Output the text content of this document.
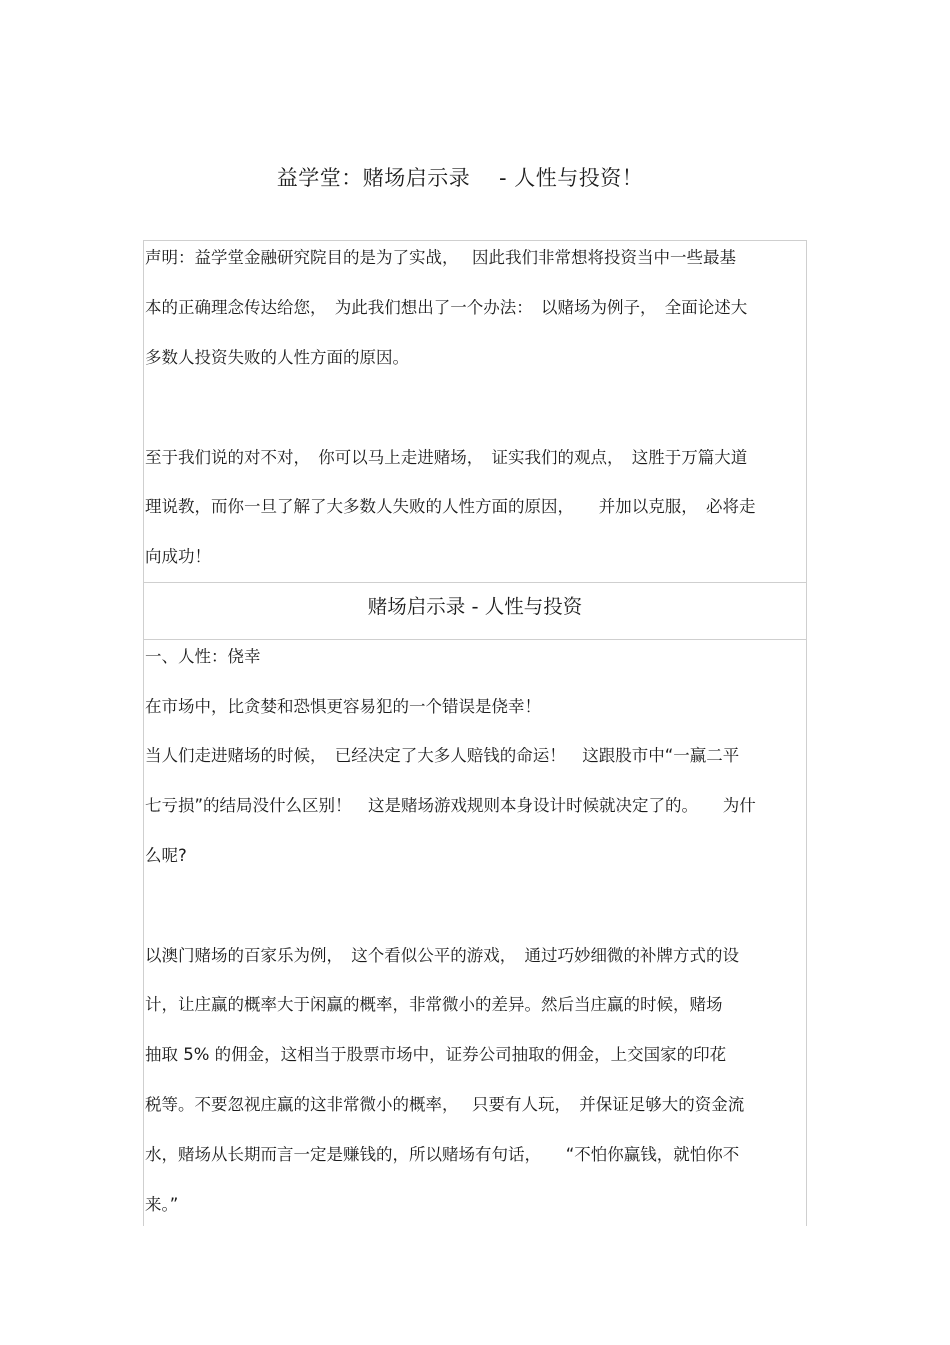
益学堂：赌场启示录　 - 人性与投资！
声明：益学堂金融研究院目的是为了实战，　 因此我们非常想将投资当中一些最基
本的正确理念传达给您，　为此我们想出了一个办法：　以赌场为例子，　全面论述大
多数人投资失败的人性方面的原因。
至于我们说的对不对，　你可以马上走进赌场，　证实我们的观点，　这胜于万篇大道
理说教，而你一旦了解了大多数人失败的人性方面的原因，　　并加以克服，　必将走
向成功！
赌场启示录 - 人性与投资
一、人性：侥幸
在市场中，比贪婪和恐惧更容易犯的一个错误是侥幸！
当人们走进赌场的时候，　已经决定了大多人赔钱的命运！　这跟股市中“一赢二平
七亏损”的结局没什么区别！　这是赌场游戏规则本身设计时候就决定了的。　　为什
么呢?
以澳门赌场的百家乐为例，　这个看似公平的游戏，　通过巧妙细微的补牌方式的设
计，让庄赢的概率大于闲赢的概率，非常微小的差异。然后当庄赢的时候，赌场
抽取 5% 的佣金，这相当于股票市场中，证券公司抽取的佣金，上交国家的印花
税等。不要忽视庄赢的这非常微小的概率，　 只要有人玩，　并保证足够大的资金流
水，赌场从长期而言一定是赚钱的，所以赌场有句话，　　“不怕你赢钱，就怕你不
来。”
